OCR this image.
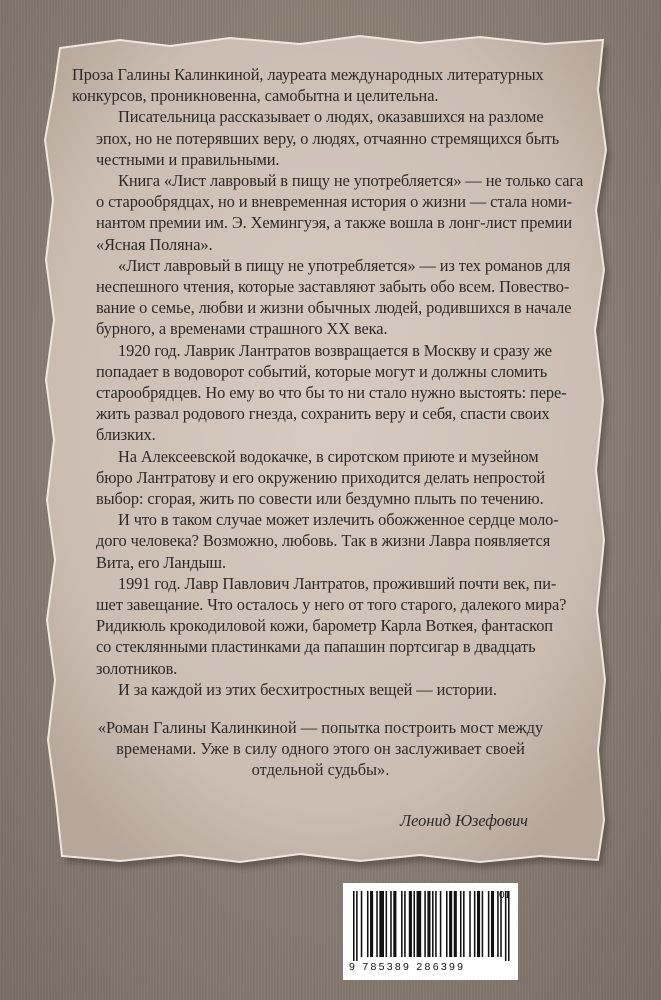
Проза Галины Калинкиной, лауреата международных литературных
конкурсов, проникновенна, самобытна и целительна.

Писательница рассказывает о людях, оказавшихся на разломе
эпох, но не потерявших веру, о людях, отчаянно стремящихся быть
честными и правильными.

Книга «Лист лавровый в пищу не употребляется» — не только сага
о старообрядцах, но и вневременная история о жизни — стала номи-
нантом премии им. Э. Хемингуэя, а также вошла в лонг-лист премии
«Ясная Поляна».

«Лист лавровый в пищу не употребляется» — из тех романов для
неспешного чтения, которые заставляют забыть обо всем. Повество-
вание о семье, любви и жизни обычных людей, родившихся в начале
бурного, а временами страшного XX века.

1920 год. Лаврик Лантратов возвращается в Москву и сразу же
попадает в водоворот событий, которые могут и должны сломить
старообрядцев. Но ему во что бы то ни стало нужно выстоять: пере-
жить развал родового гнезда, сохранить веру и себя, спасти своих
близких.

На Алексеевской водокачке, в сиротском приюте и музейном
бюро Лантратову и его окружению приходится делать непростой
выбор: сгорая, жить по совести или бездумно плыть по течению.

И что в таком случае может излечить обожженное сердце моло-
дого человека? Возможно, любовь. Так в жизни Лавра появляется
Вита, его Ландыш.

1991 год. Лавр Павлович Лантратов, проживший почти век, пи-
шет завещание. Что осталось у него от того старого, далекого мира?
Ридикюль крокодиловой кожи, барометр Карла Воткея, фантаскоп
со стеклянными пластинками да папашин портсигар в двадцать
золотников.

И за каждой из этих бесхитростных вещей — истории.

«Роман Галины Калинкиной — попытка построить мост между
временами. Уже в силу одного этого он заслуживает своей
отдельной судьбы».
Леонид Юзефович
9 785389 286399
01
